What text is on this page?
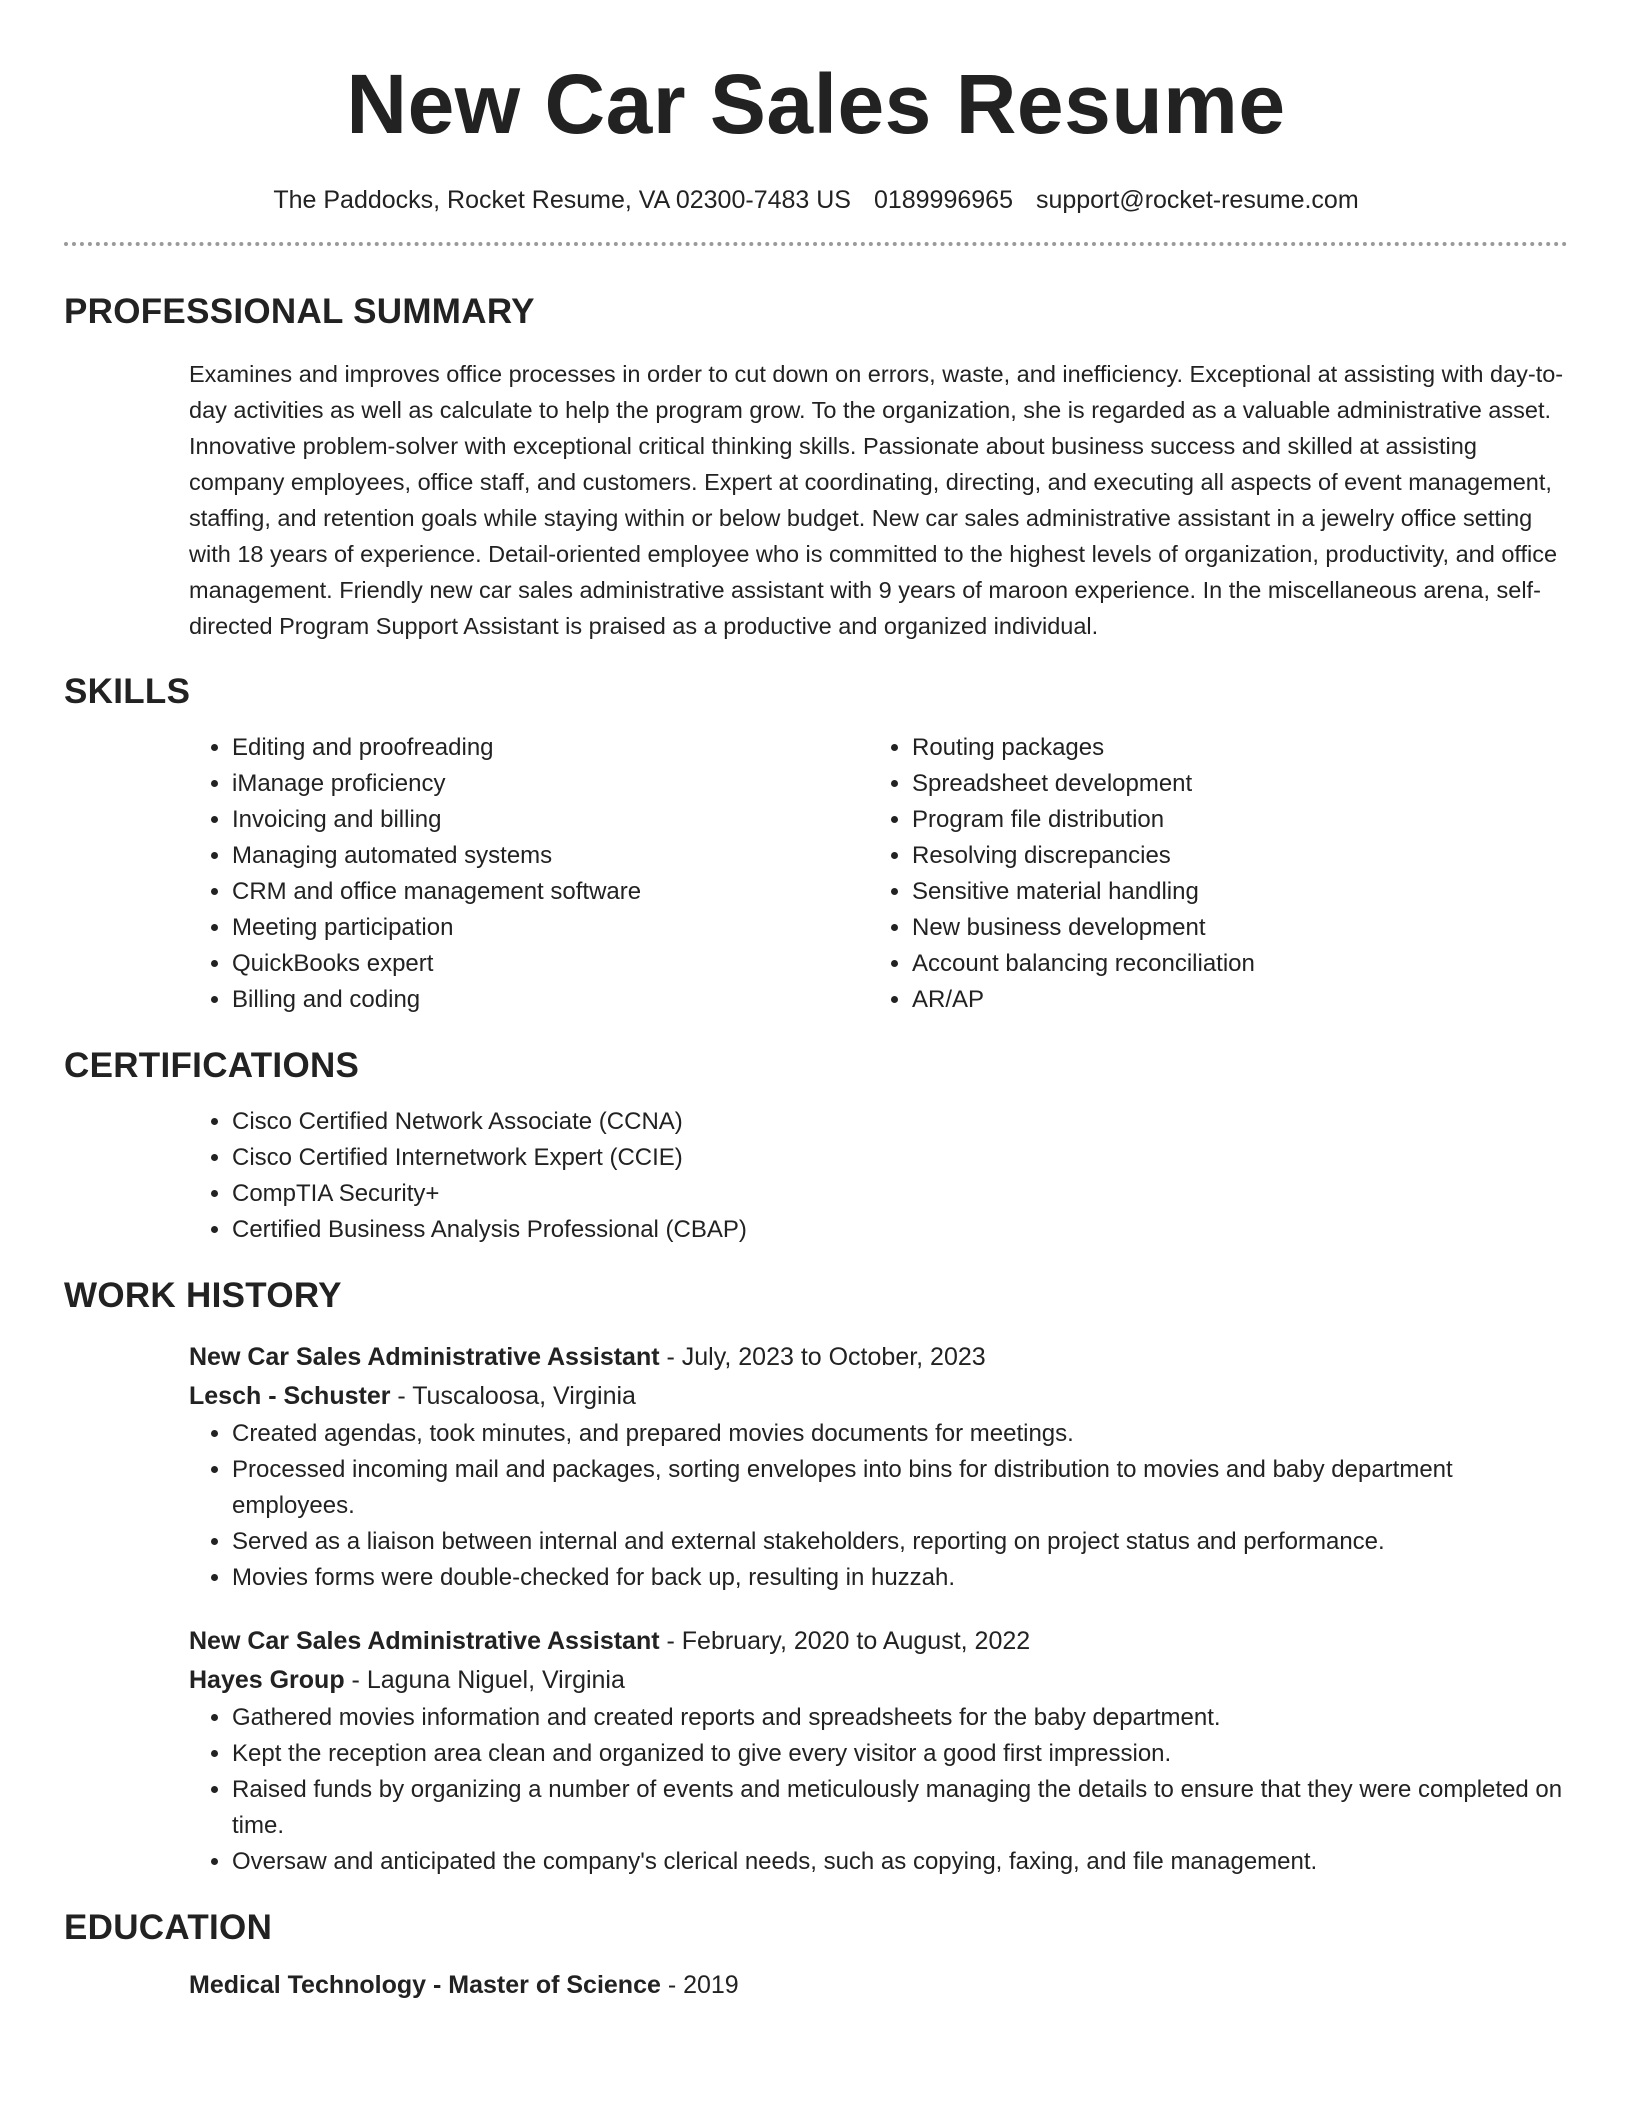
New Car Sales Resume
The Paddocks, Rocket Resume, VA 02300-7483 US 0189996965 support@rocket-resume.com
PROFESSIONAL SUMMARY

Examines and improves office processes in order to cut down on errors, waste, and inefficiency. Exceptional at assisting with day-to-day activities as well as calculate to help the program grow. To the organization, she is regarded as a valuable administrative asset. Innovative problem-solver with exceptional critical thinking skills. Passionate about business success and skilled at assisting company employees, office staff, and customers. Expert at coordinating, directing, and executing all aspects of event management, staffing, and retention goals while staying within or below budget. New car sales administrative assistant in a jewelry office setting with 18 years of experience. Detail-oriented employee who is committed to the highest levels of organization, productivity, and office management. Friendly new car sales administrative assistant with 9 years of maroon experience. In the miscellaneous arena, self-directed Program Support Assistant is praised as a productive and organized individual.

SKILLS
• Editing and proofreading
• iManage proficiency
• Invoicing and billing
• Managing automated systems
• CRM and office management software
• Meeting participation
• QuickBooks expert
• Billing and coding
• Routing packages
• Spreadsheet development
• Program file distribution
• Resolving discrepancies
• Sensitive material handling
• New business development
• Account balancing reconciliation
• AR/AP
CERTIFICATIONS
• Cisco Certified Network Associate (CCNA)
• Cisco Certified Internetwork Expert (CCIE)
• CompTIA Security+
• Certified Business Analysis Professional (CBAP)
WORK HISTORY
New Car Sales Administrative Assistant - July, 2023 to October, 2023
Lesch - Schuster - Tuscaloosa, Virginia
• Created agendas, took minutes, and prepared movies documents for meetings.
• Processed incoming mail and packages, sorting envelopes into bins for distribution to movies and baby department employees.
• Served as a liaison between internal and external stakeholders, reporting on project status and performance.
• Movies forms were double-checked for back up, resulting in huzzah.
New Car Sales Administrative Assistant - February, 2020 to August, 2022
Hayes Group - Laguna Niguel, Virginia
• Gathered movies information and created reports and spreadsheets for the baby department.
• Kept the reception area clean and organized to give every visitor a good first impression.
• Raised funds by organizing a number of events and meticulously managing the details to ensure that they were completed on time.
• Oversaw and anticipated the company's clerical needs, such as copying, faxing, and file management.
EDUCATION
Medical Technology - Master of Science - 2019
